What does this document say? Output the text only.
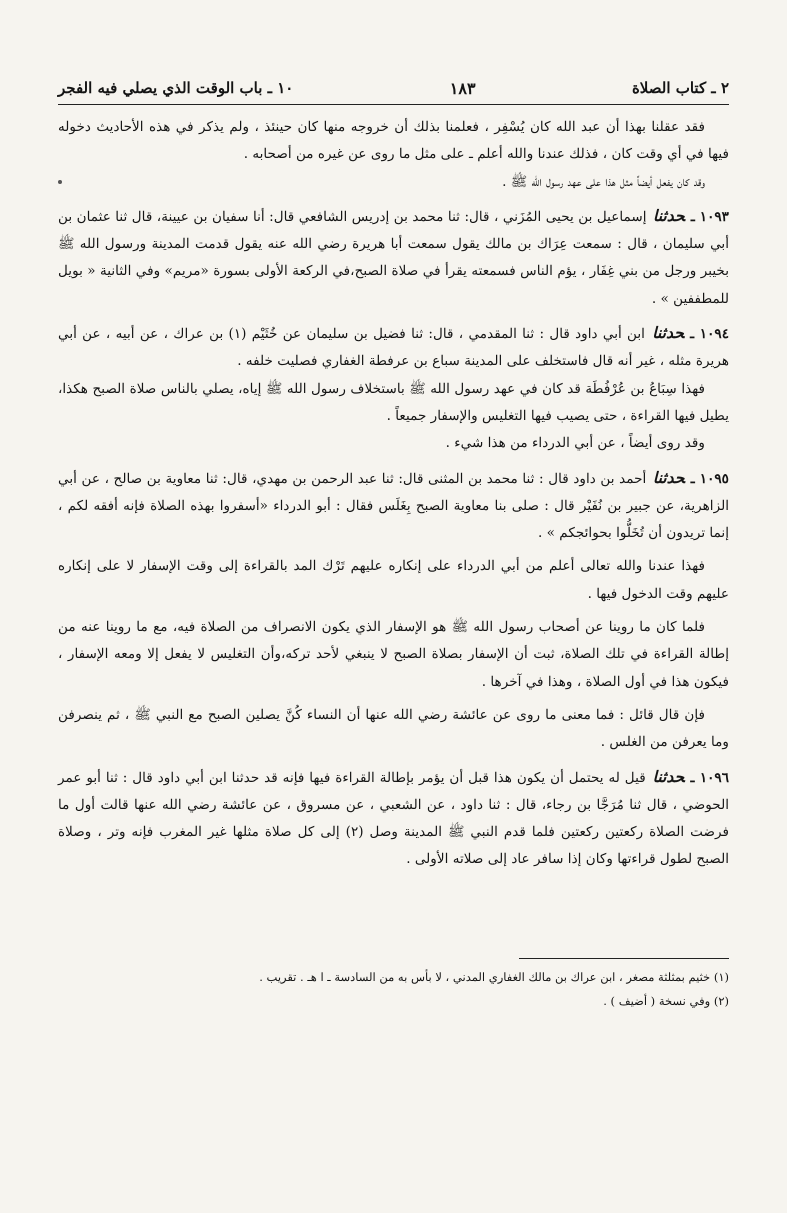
٢ ـ كتاب الصلاة
١٨٣
١٠ ـ باب الوقت الذي يصلي فيه الفجر

فقد عقلنا بهذا أن عبد الله كان يُسْفِر ، فعلمنا بذلك أن خروجه منها كان حينئذ ، ولم يذكر في هذه الأحاديث دخوله فيها في أي وقت كان ، فذلك عندنا والله أعلم ـ على مثل ما روى عن غيره من أصحابه .

وقد كان يفعل أيضاً مثل هذا على عهد رسول الله ﷺ .

١٠٩٣ ـحدثنا إسماعيل بن يحيى المُزَني ، قال: ثنا محمد بن إدريس الشافعي قال: أنا سفيان بن عيينة، قال ثنا عثمان بن أبي سليمان ، قال : سمعت عِرَاك بن مالك يقول سمعت أبا هريرة رضي الله عنه يقول قدمت المدينة ورسول الله ﷺ بخيبر ورجل من بني غِفَار ، يؤم الناس فسمعته يقرأ في صلاة الصبح،في الركعة الأولى بسورة «مريم» وفي الثانية « بويل للمطففين » .

١٠٩٤ ـحدثنا ابن أبي داود قال : ثنا المقدمي ، قال: ثنا فضيل بن سليمان عن خُثَيْم (١) بن عراك ، عن أبيه ، عن أبي هريرة مثله ، غير أنه قال فاستخلف على المدينة سباع بن عرفطة الغفاري فصليت خلفه .

فهذا سِبَاعُ بن عُرْفُطَة قد كان في عهد رسول الله ﷺ باستخلاف رسول الله ﷺ إياه، يصلي بالناس صلاة الصبح هكذا، يطيل فيها القراءة ، حتى يصيب فيها التغليس والإسفار جميعاً .

وقد روى أيضاً ، عن أبي الدرداء من هذا شيء .

١٠٩٥ ـحدثنا أحمد بن داود قال : ثنا محمد بن المثنى قال: ثنا عبد الرحمن بن مهدي، قال: ثنا معاوية بن صالح ، عن أبي الزاهرية، عن جبير بن نُفَيْر قال : صلى بنا معاوية الصبح بِغَلَس فقال : أبو الدرداء «أسفروا بهذه الصلاة فإنه أفقه لكم ، إنما تريدون أن تُخَلُّوا بحوائجكم » .

فهذا عندنا والله تعالى أعلم من أبي الدرداء على إنكاره عليهم تَرْك المد بالقراءة إلى وقت الإسفار لا على إنكاره عليهم وقت الدخول فيها .

فلما كان ما روينا عن أصحاب رسول الله ﷺ هو الإسفار الذي يكون الانصراف من الصلاة فيه، مع ما روينا عنه من إطالة القراءة في تلك الصلاة، ثبت أن الإسفار بصلاة الصبح لا ينبغي لأحد تركه،وأن التغليس لا يفعل إلا ومعه الإسفار ، فيكون هذا في أول الصلاة ، وهذا في آخرها .

فإن قال قائل : فما معنى ما روى عن عائشة رضي الله عنها أن النساء كُنَّ يصلين الصبح مع النبي ﷺ ، ثم ينصرفن وما يعرفن من الغلس .

١٠٩٦ ـحدثنا قيل له يحتمل أن يكون هذا قبل أن يؤمر بإطالة القراءة فيها فإنه قد حدثنا ابن أبي داود قال : ثنا أبو عمر الحوضي ، قال ثنا مُرَجَّا بن رجاء، قال : ثنا داود ، عن الشعبي ، عن مسروق ، عن عائشة رضي الله عنها قالت أول ما فرضت الصلاة ركعتين ركعتين فلما قدم النبي ﷺ المدينة وصل (٢) إلى كل صلاة مثلها غير المغرب فإنه وتر ، وصلاة الصبح لطول قراءتها وكان إذا سافر عاد إلى صلاته الأولى .

(١) خثيم بمثلثة مصغر ، ابن عراك بن مالك الغفاري المدني ، لا بأس به من السادسة ـ ا هـ . تقريب .

(٢) وفي نسخة ( أضيف ) .
